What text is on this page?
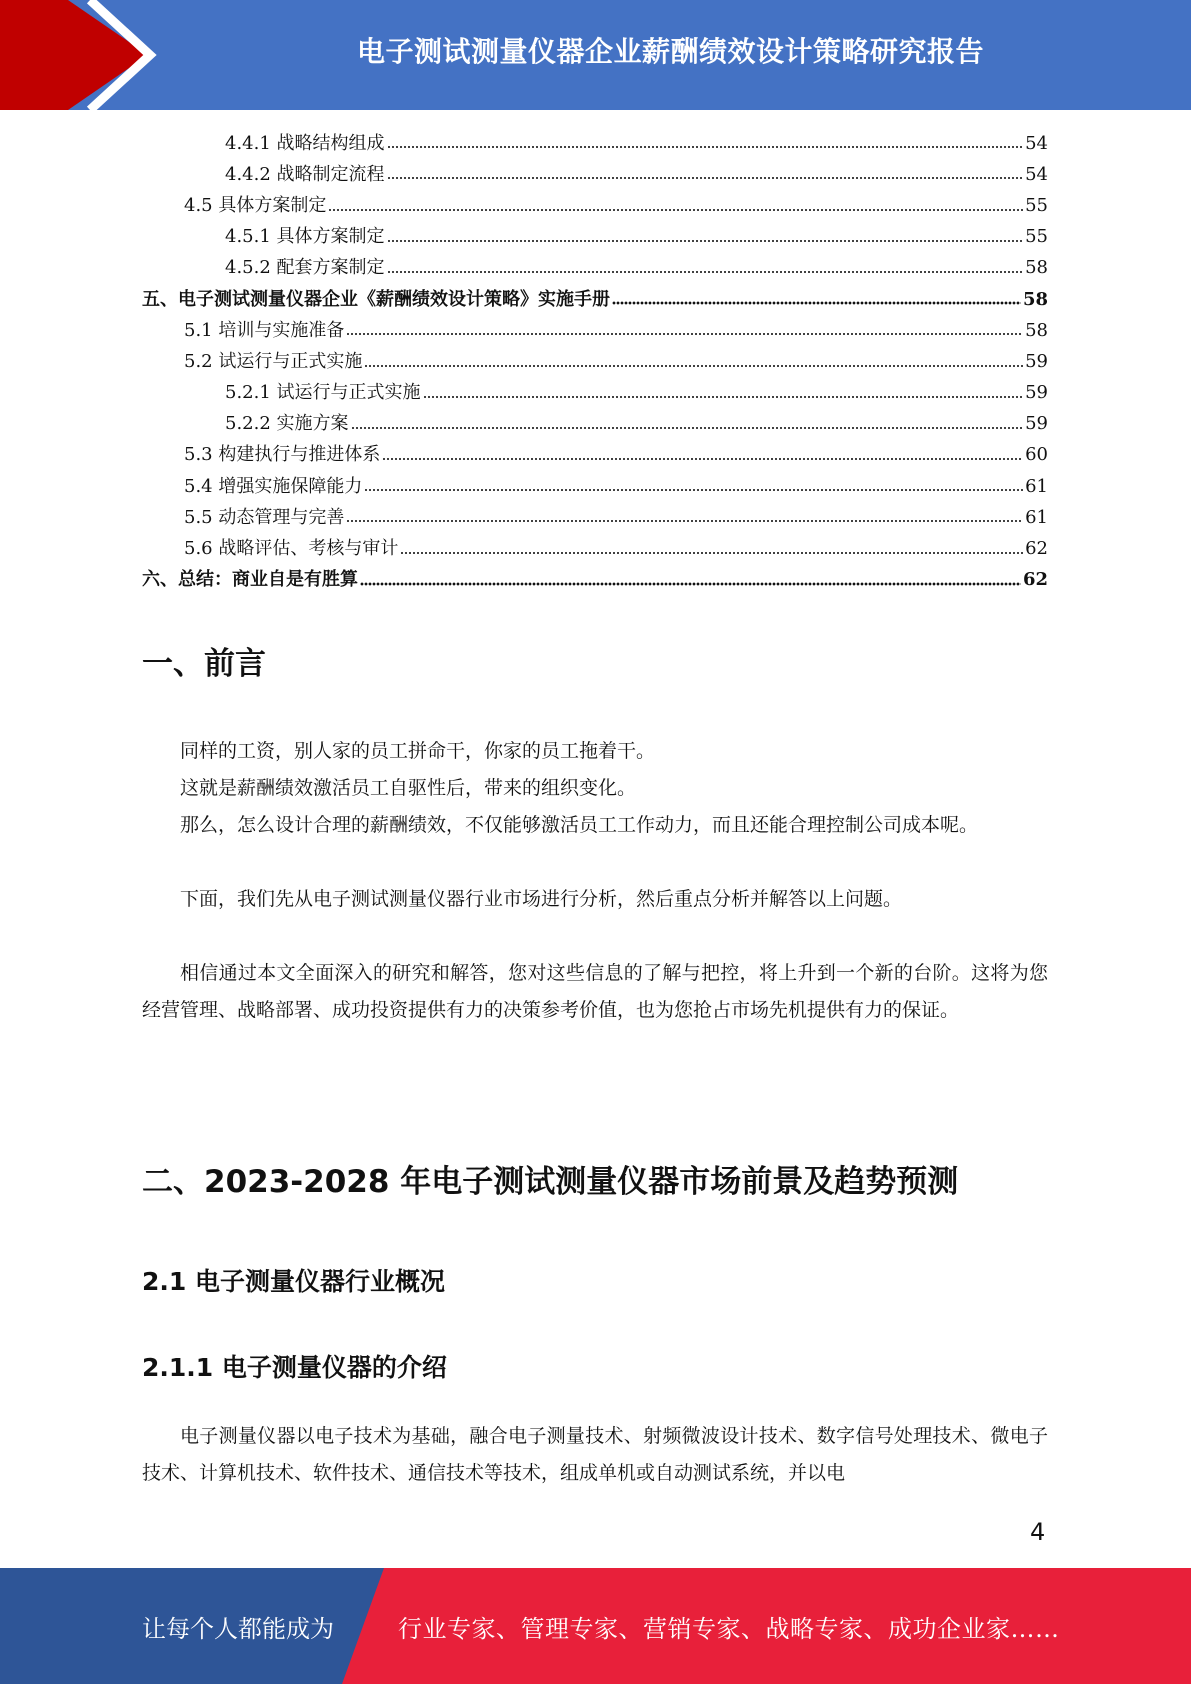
电子测试测量仪器企业薪酬绩效设计策略研究报告
4.4.1 战略结构组成	54
4.4.2 战略制定流程	54
4.5 具体方案制定	55
4.5.1 具体方案制定	55
4.5.2 配套方案制定	58
五、 电子测试测量仪器企业《薪酬绩效设计策略》实施手册	58
5.1 培训与实施准备	58
5.2 试运行与正式实施	59
5.2.1 试运行与正式实施	59
5.2.2 实施方案	59
5.3 构建执行与推进体系	60
5.4 增强实施保障能力	61
5.5 动态管理与完善	61
5.6 战略评估、考核与审计	62
六、 总结：商业自是有胜算	62
一、前言

同样的工资，别人家的员工拼命干，你家的员工拖着干。

这就是薪酬绩效激活员工自驱性后，带来的组织变化。

那么，怎么设计合理的薪酬绩效，不仅能够激活员工工作动力，而且还能合理控制公司成本呢。

下面，我们先从电子测试测量仪器行业市场进行分析，然后重点分析并解答以上问题。

相信通过本文全面深入的研究和解答，您对这些信息的了解与把控，将上升到一个新的台阶。这将为您经营管理、战略部署、成功投资提供有力的决策参考价值，也为您抢占市场先机提供有力的保证。

二、2023-2028 年电子测试测量仪器市场前景及趋势预测
2.1 电子测量仪器行业概况
2.1.1 电子测量仪器的介绍

电子测量仪器以电子技术为基础，融合电子测量技术、射频微波设计技术、数字信号处理技术、微电子技术、计算机技术、软件技术、通信技术等技术，组成单机或自动测试系统，并以电

4
让每个人都能成为	行业专家、管理专家、营销专家、战略专家、成功企业家……
